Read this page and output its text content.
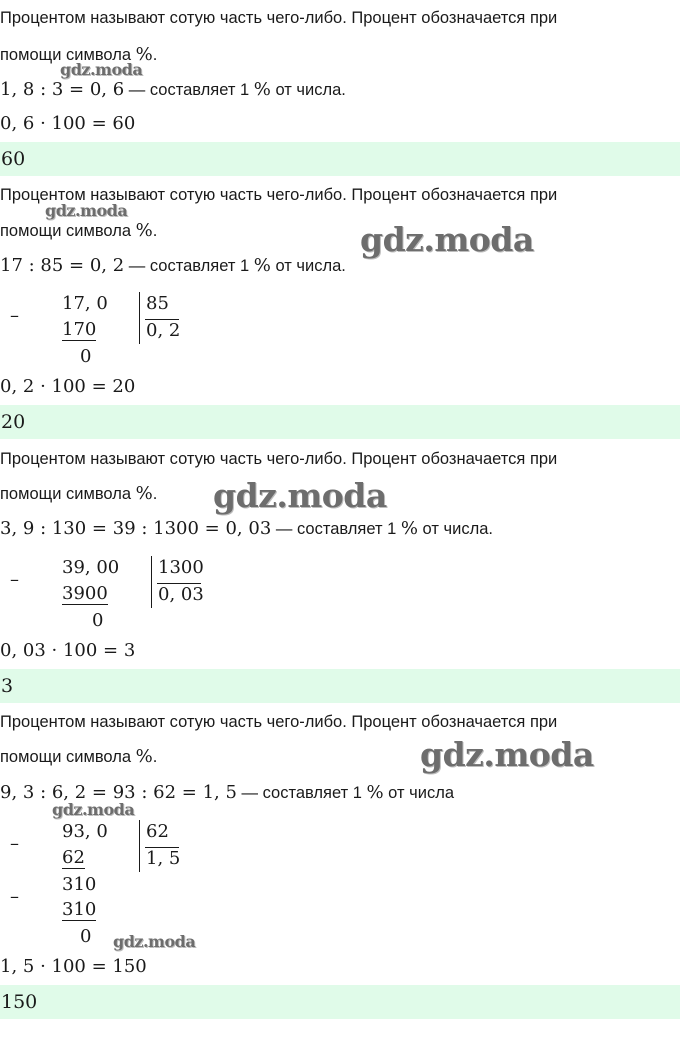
Процентом называют сотую часть чего-либо. Процент обозначается при
помощи символа %.
gdz.moda
1, 8 : 3 = 0, 6 — составляет 1 % от числа.
0, 6 · 100 = 60
60
Процентом называют сотую часть чего-либо. Процент обозначается при
gdz.moda
помощи символа %.	gdz.moda
17 : 85 = 0, 2 — составляет 1 % от числа.
–
17, 0
170
0
85
0, 2
0, 2 · 100 = 20
20
Процентом называют сотую часть чего-либо. Процент обозначается при
помощи символа %. gdz.moda
3, 9 : 130 = 39 : 1300 = 0, 03 — составляет 1 % от числа.
–
39, 00
3900
0
1300
0, 03
0, 03 · 100 = 3
3
Процентом называют сотую часть чего-либо. Процент обозначается при
помощи символа %.	gdz.moda
9, 3 : 6, 2 = 93 : 62 = 1, 5 — составляет 1 % от числа
gdz.moda
–
93, 0
62
–
310
310
0 gdz.moda
62
1, 5
1, 5 · 100 = 150
150
